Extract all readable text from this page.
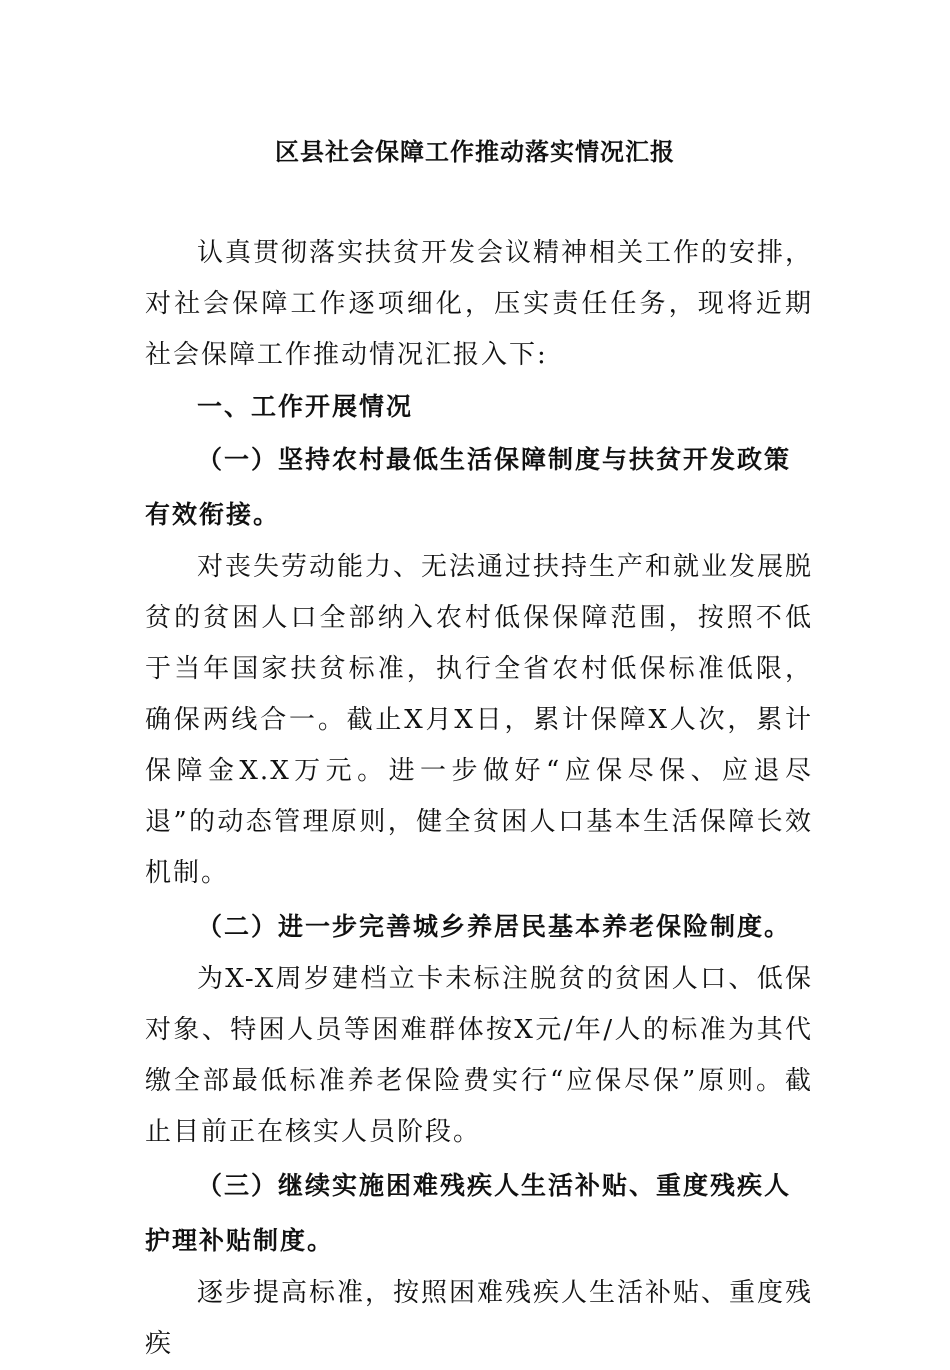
区县社会保障工作推动落实情况汇报

认真贯彻落实扶贫开发会议精神相关工作的安排，对社会保障工作逐项细化，压实责任任务，现将近期社会保障工作推动情况汇报入下:

一、工作开展情况

（一）坚持农村最低生活保障制度与扶贫开发政策有效衔接。

对丧失劳动能力、无法通过扶持生产和就业发展脱贫的贫困人口全部纳入农村低保保障范围，按照不低于当年国家扶贫标准，执行全省农村低保标准低限，确保两线合一。截止X月X日，累计保障X人次，累计保障金X.X万元。进一步做好“应保尽保、应退尽退”的动态管理原则，健全贫困人口基本生活保障长效机制。

（二）进一步完善城乡养居民基本养老保险制度。

为X-X周岁建档立卡未标注脱贫的贫困人口、低保对象、特困人员等困难群体按X元/年/人的标准为其代缴全部最低标准养老保险费实行“应保尽保”原则。截止目前正在核实人员阶段。

（三）继续实施困难残疾人生活补贴、重度残疾人护理补贴制度。

逐步提高标准，按照困难残疾人生活补贴、重度残疾
